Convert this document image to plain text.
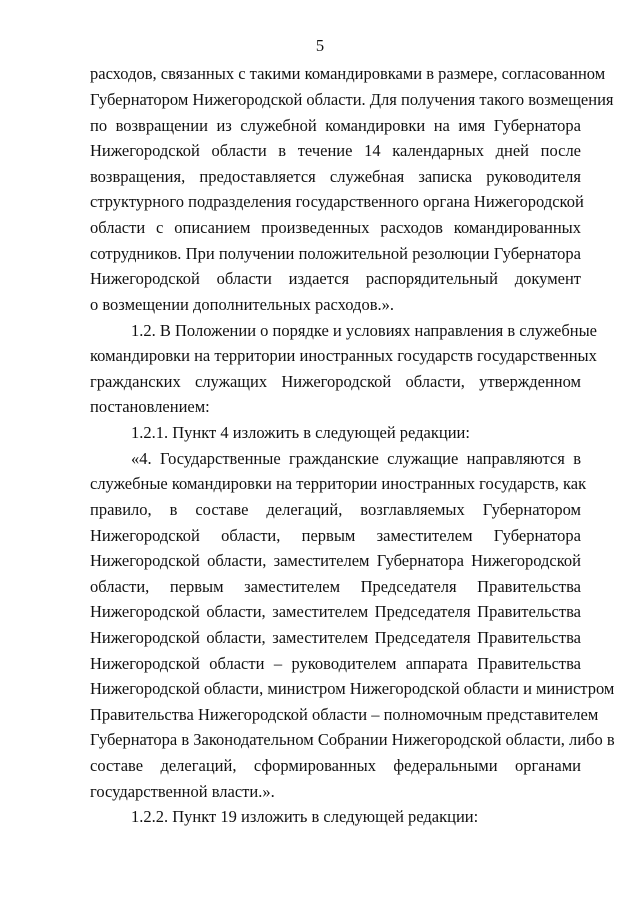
5
расходов, связанных с такими командировками в размере, согласованном
Губернатором Нижегородской области. Для получения такого возмещения
по возвращении из служебной командировки на имя Губернатора
Нижегородской области в течение 14 календарных дней после
возвращения, предоставляется служебная записка руководителя
структурного подразделения государственного органа Нижегородской
области с описанием произведенных расходов командированных
сотрудников. При получении положительной резолюции Губернатора
Нижегородской области издается распорядительный документ
о возмещении дополнительных расходов.».
1.2. В Положении о порядке и условиях направления в служебные
командировки на территории иностранных государств государственных
гражданских служащих Нижегородской области, утвержденном
постановлением:
1.2.1. Пункт 4 изложить в следующей редакции:
«4. Государственные гражданские служащие направляются в
служебные командировки на территории иностранных государств, как
правило, в составе делегаций, возглавляемых Губернатором
Нижегородской области, первым заместителем Губернатора
Нижегородской области, заместителем Губернатора Нижегородской
области, первым заместителем Председателя Правительства
Нижегородской области, заместителем Председателя Правительства
Нижегородской области, заместителем Председателя Правительства
Нижегородской области – руководителем аппарата Правительства
Нижегородской области, министром Нижегородской области и министром
Правительства Нижегородской области – полномочным представителем
Губернатора в Законодательном Собрании Нижегородской области, либо в
составе делегаций, сформированных федеральными органами
государственной власти.».
1.2.2. Пункт 19 изложить в следующей редакции:
